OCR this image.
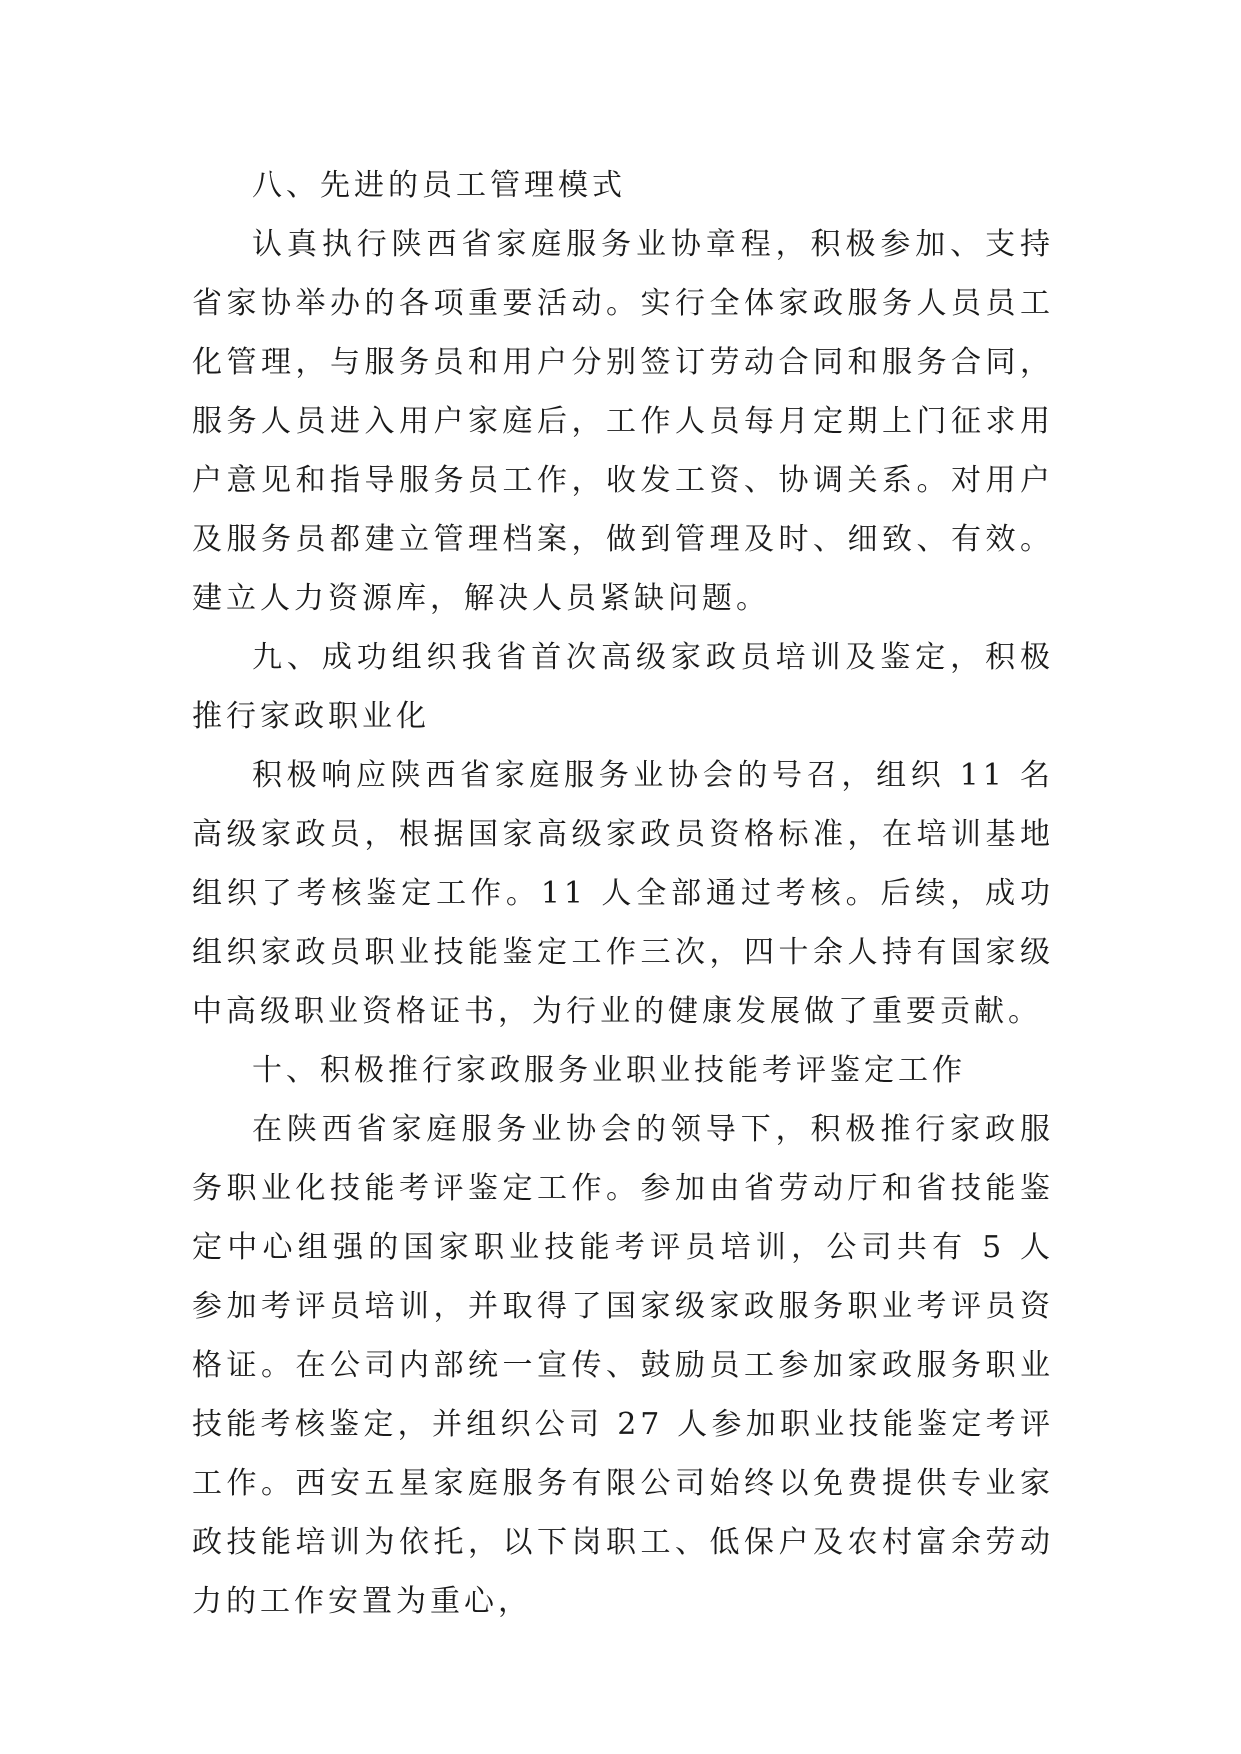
八、先进的员工管理模式

认真执行陕西省家庭服务业协章程，积极参加、支持省家协举办的各项重要活动。实行全体家政服务人员员工化管理，与服务员和用户分别签订劳动合同和服务合同，服务人员进入用户家庭后，工作人员每月定期上门征求用户意见和指导服务员工作，收发工资、协调关系。对用户及服务员都建立管理档案，做到管理及时、细致、有效。建立人力资源库，解决人员紧缺问题。

九、成功组织我省首次高级家政员培训及鉴定，积极推行家政职业化

积极响应陕西省家庭服务业协会的号召，组织 11 名高级家政员，根据国家高级家政员资格标准，在培训基地 组织了考核鉴定工作。11 人全部通过考核。后续，成功组织家政员职业技能鉴定工作三次，四十余人持有国家级中高级职业资格证书，为行业的健康发展做了重要贡献。

十、积极推行家政服务业职业技能考评鉴定工作

在陕西省家庭服务业协会的领导下，积极推行家政服务职业化技能考评鉴定工作。参加由省劳动厅和省技能鉴定中心组强的国家职业技能考评员培训，公司共有 5 人参加考评员培训，并取得了国家级家政服务职业考评员资格证。在公司内部统一宣传、鼓励员工参加家政服务职业技能考核鉴定，并组织公司 27 人参加职业技能鉴定考评工作。西安五星家庭服务有限公司始终以免费提供专业家政技能培训为依托，以下岗职工、低保户及农村富余劳动力的工作安置为重心，
